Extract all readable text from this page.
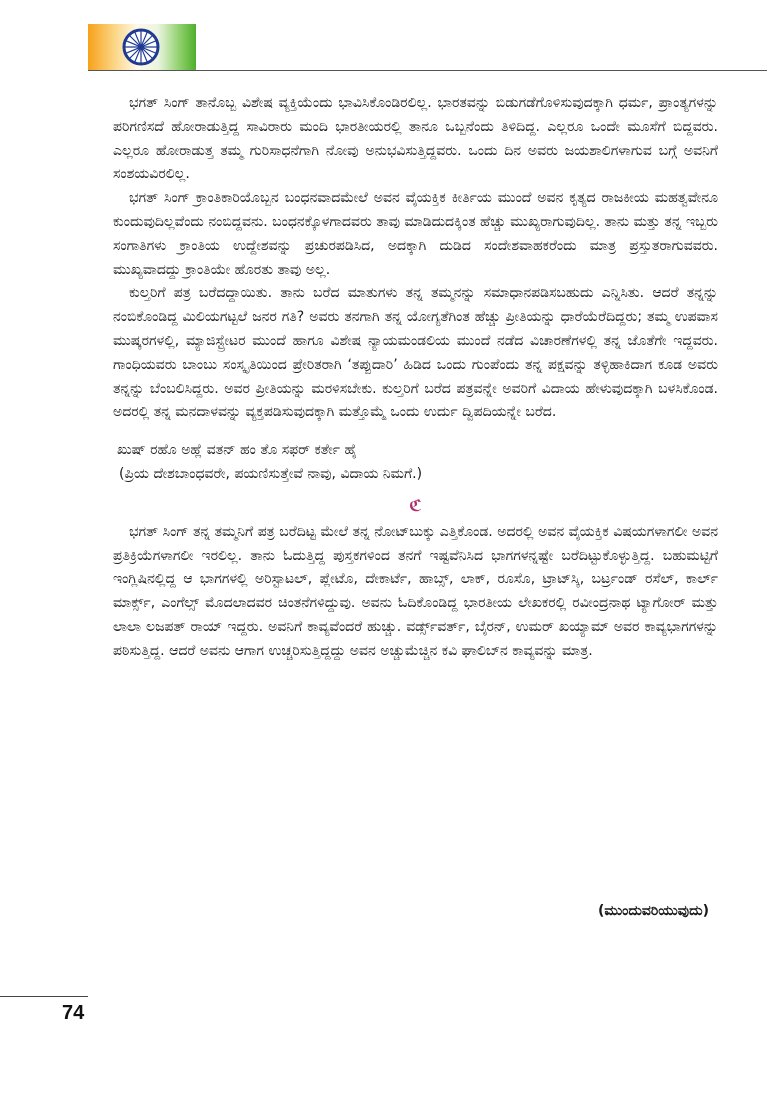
ಭಗತ್ ಸಿಂಗ್ ತಾನೊಬ್ಬ ವಿಶೇಷ ವ್ಯಕ್ತಿಯೆಂದು ಭಾವಿಸಿಕೊಂಡಿರಲಿಲ್ಲ. ಭಾರತವನ್ನು ಬಿಡುಗಡೆಗೊಳಿಸುವುದಕ್ಕಾಗಿ ಧರ್ಮ, ಪ್ರಾಂತ್ಯಗಳನ್ನು ಪರಿಗಣಿಸದೆ ಹೋರಾಡುತ್ತಿದ್ದ ಸಾವಿರಾರು ಮಂದಿ ಭಾರತೀಯರಲ್ಲಿ ತಾನೂ ಒಬ್ಬನೆಂದು ತಿಳಿದಿದ್ದ. ಎಲ್ಲರೂ ಒಂದೇ ಮೂಸೆಗೆ ಬಿದ್ದವರು. ಎಲ್ಲರೂ ಹೋರಾಡುತ್ತ ತಮ್ಮ ಗುರಿಸಾಧನೆಗಾಗಿ ನೋವು ಅನುಭವಿಸುತ್ತಿದ್ದವರು. ಒಂದು ದಿನ ಅವರು ಜಯಶಾಲಿಗಳಾಗುವ ಬಗ್ಗೆ ಅವನಿಗೆ ಸಂಶಯವಿರಲಿಲ್ಲ.

ಭಗತ್ ಸಿಂಗ್ ಕ್ರಾಂತಿಕಾರಿಯೊಬ್ಬನ ಬಂಧನವಾದಮೇಲೆ ಅವನ ವೈಯಕ್ತಿಕ ಕೀರ್ತಿಯ ಮುಂದೆ ಅವನ ಕೃತ್ಯದ ರಾಜಕೀಯ ಮಹತ್ವವೇನೂ ಕುಂದುವುದಿಲ್ಲವೆಂದು ನಂಬಿದ್ದವನು. ಬಂಧನಕ್ಕೊಳಗಾದವರು ತಾವು ಮಾಡಿದುದಕ್ಕಿಂತ ಹೆಚ್ಚು ಮುಖ್ಯರಾಗುವುದಿಲ್ಲ. ತಾನು ಮತ್ತು ತನ್ನ ಇಬ್ಬರು ಸಂಗಾತಿಗಳು ಕ್ರಾಂತಿಯ ಉದ್ದೇಶವನ್ನು ಪ್ರಚುರಪಡಿಸಿದ, ಅದಕ್ಕಾಗಿ ದುಡಿದ ಸಂದೇಶವಾಹಕರೆಂದು ಮಾತ್ರ ಪ್ರಸ್ತುತರಾಗುವವರು. ಮುಖ್ಯವಾದದ್ದು ಕ್ರಾಂತಿಯೇ ಹೊರತು ತಾವು ಅಲ್ಲ.

ಕುಲ್ತರಿಗೆ ಪತ್ರ ಬರೆದದ್ದಾಯಿತು. ತಾನು ಬರೆದ ಮಾತುಗಳು ತನ್ನ ತಮ್ಮನನ್ನು ಸಮಾಧಾನಪಡಿಸಬಹುದು ಎನ್ನಿಸಿತು. ಆದರೆ ತನ್ನನ್ನು ನಂಬಿಕೊಂಡಿದ್ದ ಮಿಲಿಯಗಟ್ಟಲೆ ಜನರ ಗತಿ? ಅವರು ತನಗಾಗಿ ತನ್ನ ಯೋಗ್ಯತೆಗಿಂತ ಹೆಚ್ಚು ಪ್ರೀತಿಯನ್ನು ಧಾರೆಯೆರೆದಿದ್ದರು; ತಮ್ಮ ಉಪವಾಸ ಮುಷ್ಕರಗಳಲ್ಲಿ, ಮ್ಯಾಜಿಸ್ಟ್ರೇಟರ ಮುಂದೆ ಹಾಗೂ ವಿಶೇಷ ನ್ಯಾಯಮಂಡಲಿಯ ಮುಂದೆ ನಡೆದ ವಿಚಾರಣೆಗಳಲ್ಲಿ ತನ್ನ ಜೊತೆಗೇ ಇದ್ದವರು. ಗಾಂಧಿಯವರು ಬಾಂಬು ಸಂಸ್ಕೃತಿಯಿಂದ ಪ್ರೇರಿತರಾಗಿ ‘ತಪ್ಪುದಾರಿ’ ಹಿಡಿದ ಒಂದು ಗುಂಪೆಂದು ತನ್ನ ಪಕ್ಷವನ್ನು ತಳ್ಳಿಹಾಕಿದಾಗ ಕೂಡ ಅವರು ತನ್ನನ್ನು ಬೆಂಬಲಿಸಿದ್ದರು. ಅವರ ಪ್ರೀತಿಯನ್ನು ಮರಳಿಸಬೇಕು. ಕುಲ್ತರಿಗೆ ಬರೆದ ಪತ್ರವನ್ನೇ ಅವರಿಗೆ ವಿದಾಯ ಹೇಳುವುದಕ್ಕಾಗಿ ಬಳಸಿಕೊಂಡ. ಅದರಲ್ಲಿ ತನ್ನ ಮನದಾಳವನ್ನು ವ್ಯಕ್ತಪಡಿಸುವುದಕ್ಕಾಗಿ ಮತ್ತೊಮ್ಮೆ ಒಂದು ಉರ್ದು ದ್ವಿಪದಿಯನ್ನೇ ಬರೆದ.

ಖುಷ್ ರಹೊ ಅಹ್ಲೆ ವತನ್ ಹಂ ತೊ ಸಫರ್ ಕರ್ತೇ ಹೈ
(ಪ್ರಿಯ ದೇಶಬಾಂಧವರೇ, ಪಯಣಿಸುತ್ತೇವೆ ನಾವು, ವಿದಾಯ ನಿಮಗೆ.)
ℭ

ಭಗತ್ ಸಿಂಗ್ ತನ್ನ ತಮ್ಮನಿಗೆ ಪತ್ರ ಬರೆದಿಟ್ಟ ಮೇಲೆ ತನ್ನ ನೋಟ್‌ಬುಕ್ಕು ಎತ್ತಿಕೊಂಡ. ಅದರಲ್ಲಿ ಅವನ ವೈಯಕ್ತಿಕ ವಿಷಯಗಳಾಗಲೀ ಅವನ ಪ್ರತಿಕ್ರಿಯೆಗಳಾಗಲೀ ಇರಲಿಲ್ಲ. ತಾನು ಓದುತ್ತಿದ್ದ ಪುಸ್ತಕಗಳಿಂದ ತನಗೆ ಇಷ್ಟವೆನಿಸಿದ ಭಾಗಗಳನ್ನಷ್ಟೇ ಬರೆದಿಟ್ಟುಕೊಳ್ಳುತ್ತಿದ್ದ. ಬಹುಮಟ್ಟಿಗೆ ಇಂಗ್ಲಿಷಿನಲ್ಲಿದ್ದ ಆ ಭಾಗಗಳಲ್ಲಿ ಅರಿಸ್ಟಾಟಲ್, ಪ್ಲೇಟೊ, ದೇಕಾರ್ಟೆ, ಹಾಬ್ಸ್, ಲಾಕ್, ರೂಸೊ, ಟ್ರಾಟ್‌ಸ್ಕಿ, ಬರ್ಟ್ರಂಡ್ ರಸೆಲ್, ಕಾರ್ಲ್ ಮಾರ್ಕ್ಸ್, ಎಂಗೆಲ್ಸ್ ಮೊದಲಾದವರ ಚಿಂತನೆಗಳಿದ್ದುವು. ಅವನು ಓದಿಕೊಂಡಿದ್ದ ಭಾರತೀಯ ಲೇಖಕರಲ್ಲಿ ರವೀಂದ್ರನಾಥ ಟ್ಯಾಗೋರ್ ಮತ್ತು ಲಾಲಾ ಲಜಪತ್ ರಾಯ್ ಇದ್ದರು. ಅವನಿಗೆ ಕಾವ್ಯವೆಂದರೆ ಹುಚ್ಚು. ವರ್ಡ್ಸ್‌ವರ್ತ್, ಬೈರನ್, ಉಮರ್ ಖಯ್ಯಾಮ್ ಅವರ ಕಾವ್ಯಭಾಗಗಳನ್ನು ಪಠಿಸುತ್ತಿದ್ದ. ಆದರೆ ಅವನು ಆಗಾಗ ಉಚ್ಚರಿಸುತ್ತಿದ್ದದ್ದು ಅವನ ಅಚ್ಚುಮೆಚ್ಚಿನ ಕವಿ ಘಾಲಿಬ್‌ನ ಕಾವ್ಯವನ್ನು ಮಾತ್ರ.

(ಮುಂದುವರಿಯುವುದು)
74
